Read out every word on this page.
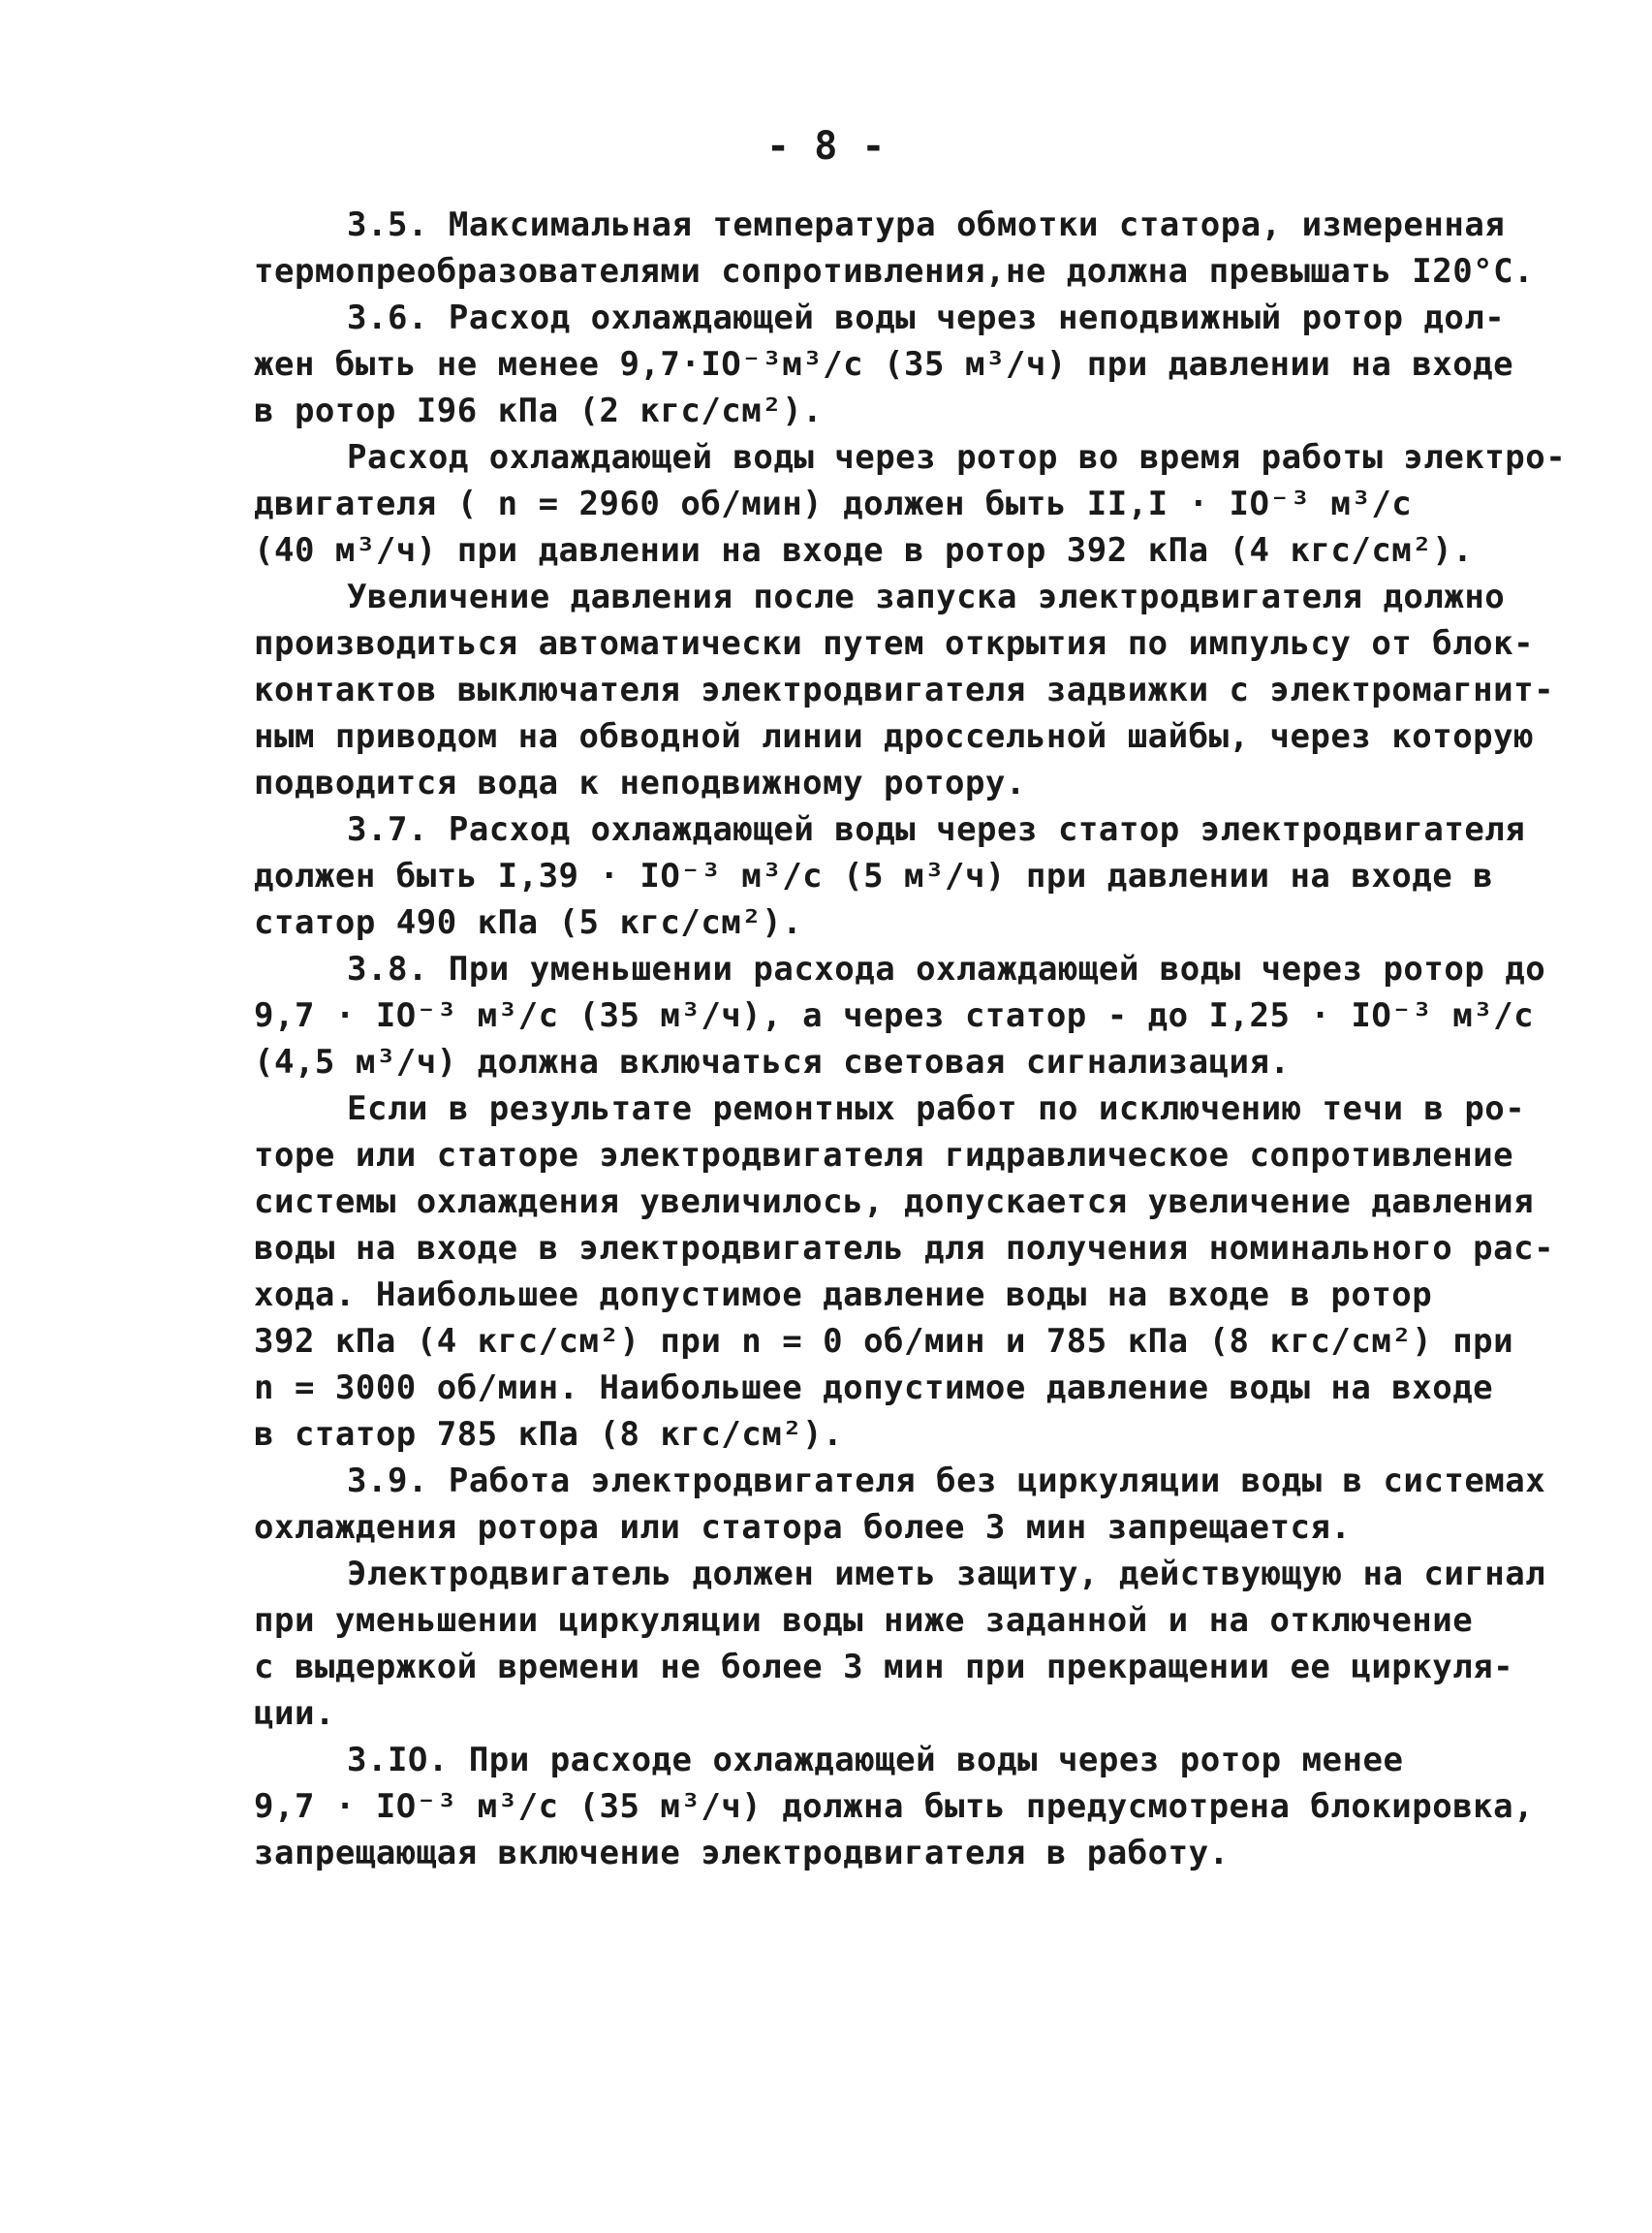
- 8 -
3.5. Максимальная температура обмотки статора, измеренная
термопреобразователями сопротивления,не должна превышать I20°С.
3.6. Расход охлаждающей воды через неподвижный ротор дол-
жен быть не менее 9,7·IO⁻³м³/с (35 м³/ч) при давлении на входе
в ротор I96 кПа (2 кгс/см²).
Расход охлаждающей воды через ротор во время работы электро-
двигателя ( n = 2960 об/мин) должен быть II,I · IO⁻³ м³/с
(40 м³/ч) при давлении на входе в ротор 392 кПа (4 кгс/см²).
Увеличение давления после запуска электродвигателя должно
производиться автоматически путем открытия по импульсу от блок-
контактов выключателя электродвигателя задвижки с электромагнит-
ным приводом на обводной линии дроссельной шайбы, через которую
подводится вода к неподвижному ротору.
3.7. Расход охлаждающей воды через статор электродвигателя
должен быть I,39 · IO⁻³ м³/с (5 м³/ч) при давлении на входе в
статор 490 кПа (5 кгс/см²).
3.8. При уменьшении расхода охлаждающей воды через ротор до
9,7 · IO⁻³ м³/с (35 м³/ч), а через статор - до I,25 · IO⁻³ м³/с
(4,5 м³/ч) должна включаться световая сигнализация.
Если в результате ремонтных работ по исключению течи в ро-
торе или статоре электродвигателя гидравлическое сопротивление
системы охлаждения увеличилось, допускается увеличение давления
воды на входе в электродвигатель для получения номинального рас-
хода. Наибольшее допустимое давление воды на входе в ротор
392 кПа (4 кгс/см²) при n = 0 об/мин и 785 кПа (8 кгс/см²) при
n = 3000 об/мин. Наибольшее допустимое давление воды на входе
в статор 785 кПа (8 кгс/см²).
3.9. Работа электродвигателя без циркуляции воды в системах
охлаждения ротора или статора более 3 мин запрещается.
Электродвигатель должен иметь защиту, действующую на сигнал
при уменьшении циркуляции воды ниже заданной и на отключение
с выдержкой времени не более 3 мин при прекращении ее циркуля-
ции.
3.IO. При расходе охлаждающей воды через ротор менее
9,7 · IO⁻³ м³/с (35 м³/ч) должна быть предусмотрена блокировка,
запрещающая включение электродвигателя в работу.
